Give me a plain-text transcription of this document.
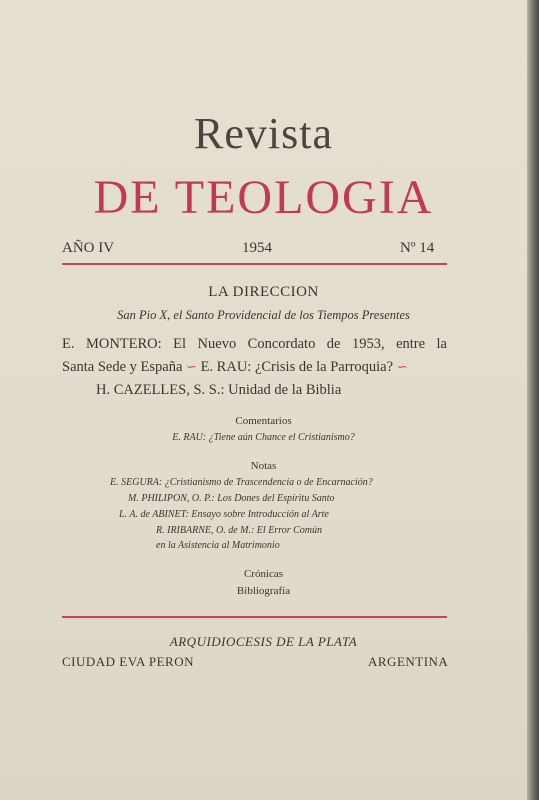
Revista
DE TEOLOGIA
AÑO IV	1954	Nº 14
LA DIRECCION
San Pio X, el Santo Providencial de los Tiempos Presentes
E. MONTERO: El Nuevo Concordato de 1953, entre la
Santa Sede y España ∽ E. RAU: ¿Crisis de la Parroquia? ∽
H. CAZELLES, S. S.: Unidad de la Biblia
Comentarios
E. RAU: ¿Tiene aún Chance el Cristianismo?
Notas
E. SEGURA: ¿Cristianismo de Trascendencia o de Encarnación?
M. PHILIPON, O. P.: Los Dones del Espíritu Santo
L. A. de ABINET: Ensayo sobre Introducción al Arte
R. IRIBARNE, O. de M.: El Error Común
en la Asistencia al Matrimonio
Crónicas
Bibliografía
ARQUIDIOCESIS DE LA PLATA
CIUDAD EVA PERON	ARGENTINA
